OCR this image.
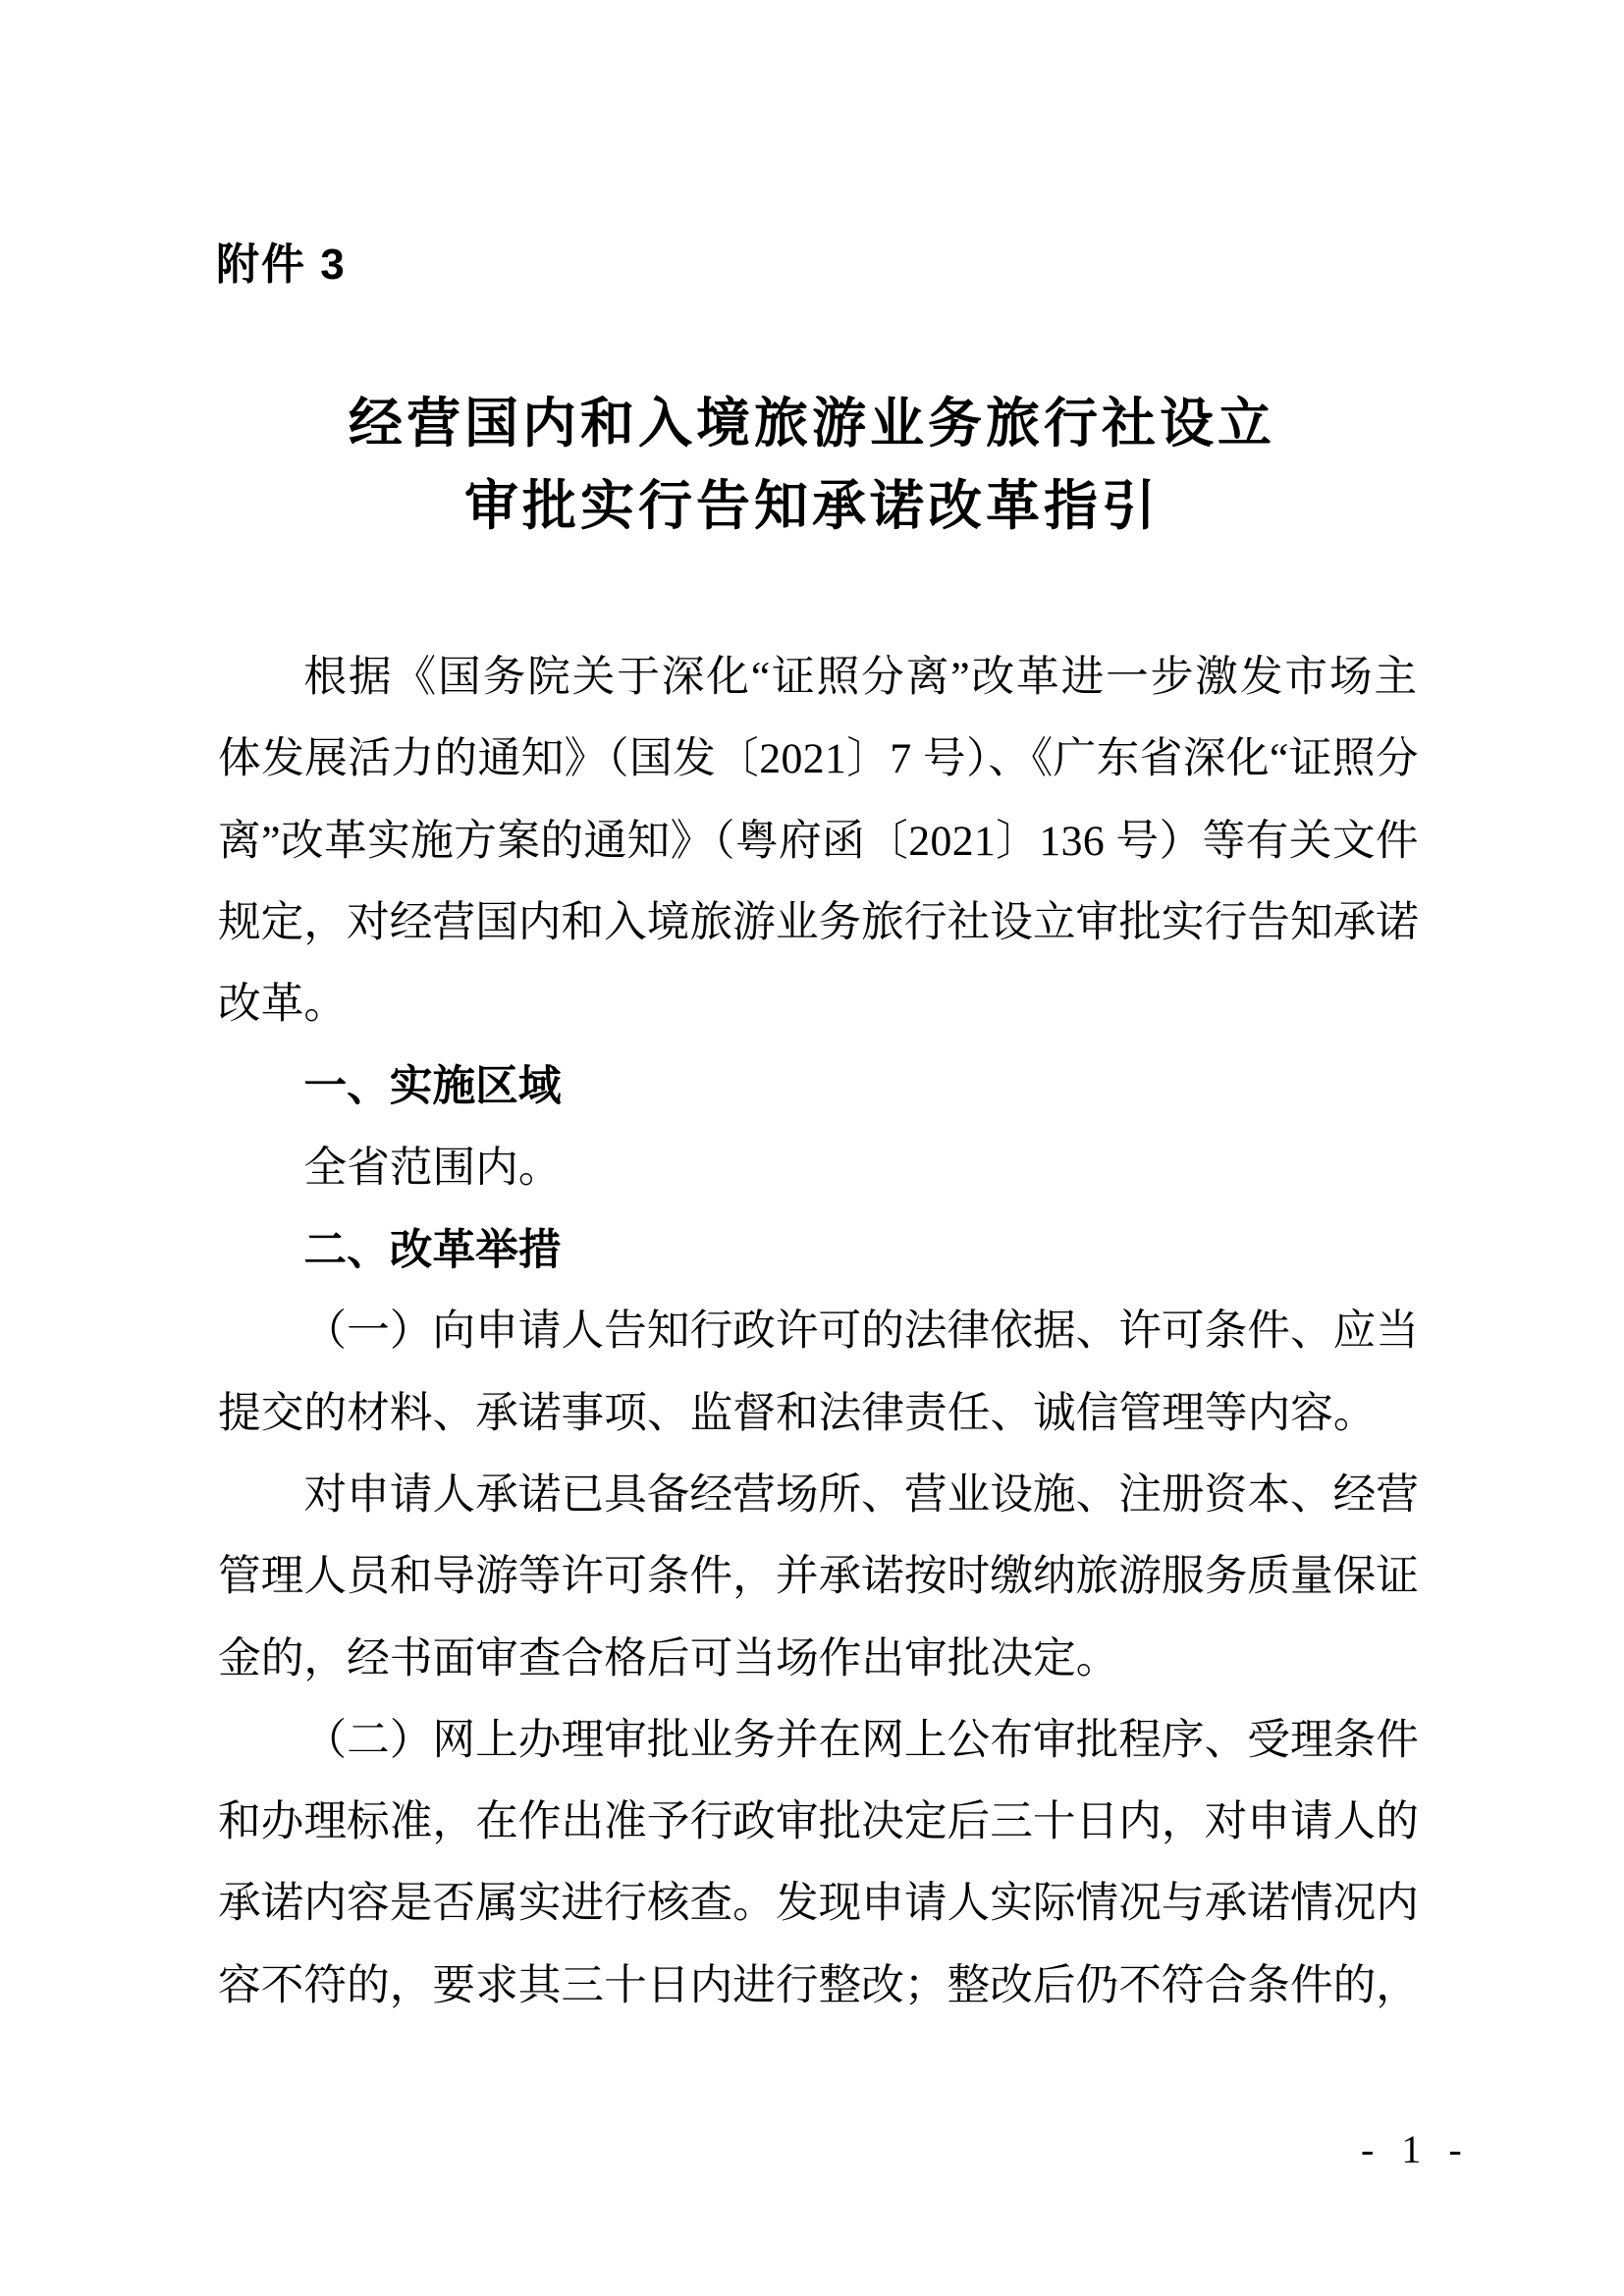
附件 3
经营国内和入境旅游业务旅行社设立
审批实行告知承诺改革指引
根据《国务院关于深化“证照分离”改革进一步激发市场主
体发展活力的通知》（国发〔2021〕7 号）、《广东省深化“证照分
离”改革实施方案的通知》（粤府函〔2021〕136 号）等有关文件
规定，对经营国内和入境旅游业务旅行社设立审批实行告知承诺
改革。
一、实施区域
全省范围内。
二、改革举措
（一）向申请人告知行政许可的法律依据、许可条件、应当
提交的材料、承诺事项、监督和法律责任、诚信管理等内容。
对申请人承诺已具备经营场所、营业设施、注册资本、经营
管理人员和导游等许可条件，并承诺按时缴纳旅游服务质量保证
金的，经书面审查合格后可当场作出审批决定。
（二）网上办理审批业务并在网上公布审批程序、受理条件
和办理标准，在作出准予行政审批决定后三十日内，对申请人的
承诺内容是否属实进行核查。发现申请人实际情况与承诺情况内
容不符的，要求其三十日内进行整改；整改后仍不符合条件的，
- 1 -
